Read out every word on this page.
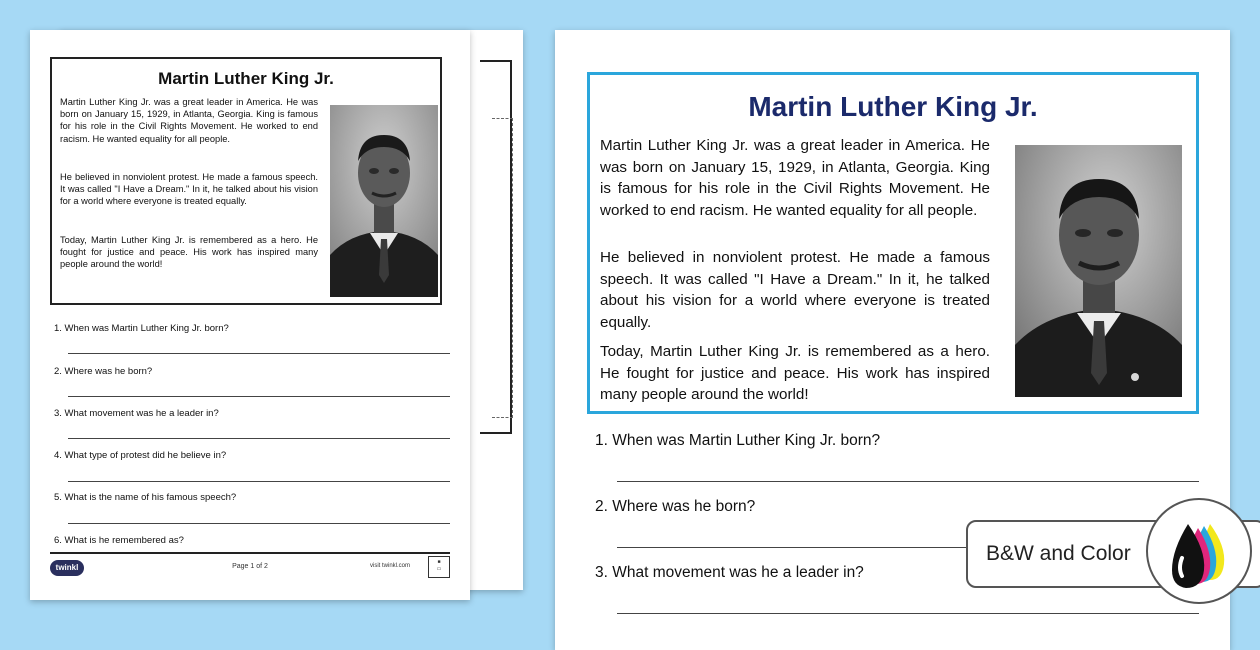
Martin Luther King Jr.

Martin Luther King Jr. was a great leader in America. He was born on January 15, 1929, in Atlanta, Georgia. King is famous for his role in the Civil Rights Movement. He worked to end racism. He wanted equality for all people.

He believed in nonviolent protest. He made a famous speech. It was called "I Have a Dream." In it, he talked about his vision for a world where everyone is treated equally.

Today, Martin Luther King Jr. is remembered as a hero. He fought for justice and peace. His work has inspired many people around the world!

1. When was Martin Luther King Jr. born?

2. Where was he born?

3. What movement was he a leader in?

4. What type of protest did he believe in?

5. What is the name of his famous speech?

6. What is he remembered as?

twinkl	Page 1 of 2	visit twinkl.com
■
▭
Martin Luther King Jr.

Martin Luther King Jr. was a great leader in America. He was born on January 15, 1929, in Atlanta, Georgia. King is famous for his role in the Civil Rights Movement. He worked to end racism. He wanted equality for all people.

He believed in nonviolent protest. He made a famous speech. It was called "I Have a Dream." In it, he talked about his vision for a world where everyone is treated equally.

Today, Martin Luther King Jr. is remembered as a hero. He fought for justice and peace. His work has inspired many people around the world!

1. When was Martin Luther King Jr. born?

2. Where was he born?

3. What movement was he a leader in?

B&W and Color
